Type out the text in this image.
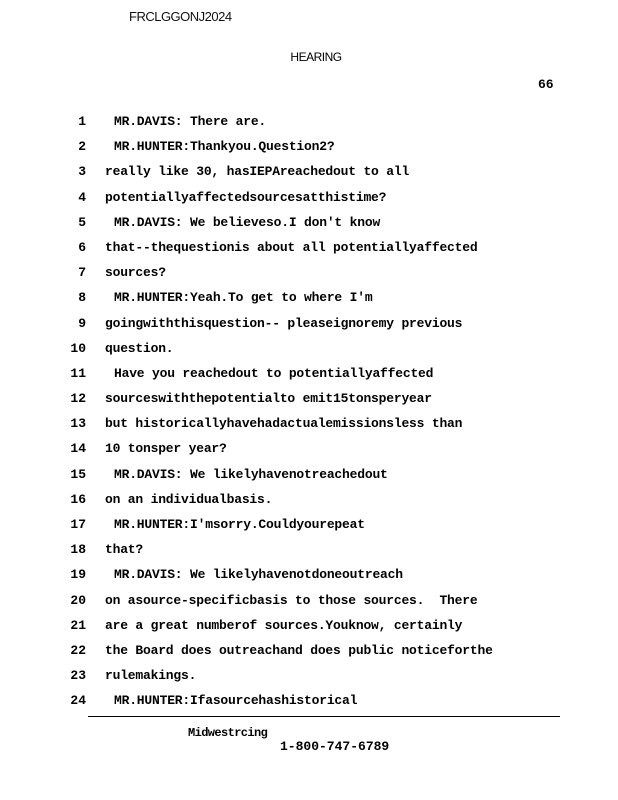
FRCLGGONJ2024
HEARING
66
1 MR.DAVIS: There are.
2 MR.HUNTER:Thankyou.Question2?
3 really like 30, hasIEPAreachedout to all
4 potentiallyaffectedsourcesatthistime?
5 MR.DAVIS: We believeso.I don't know
6 that--thequestionis about all potentiallyaffected
7 sources?
8 MR.HUNTER:Yeah.To get to where I'm
9 goingwiththisquestion-- pleaseignoremy previous
10 question.
11 Have you reachedout to potentiallyaffected
12 sourceswiththepotentialto emit15tonsperyear
13 but historicallyhavehadactualemissionsless than
14 10 tonsper year?
15 MR.DAVIS: We likelyhavenotreachedout
16 on an individualbasis.
17 MR.HUNTER:I'msorry.Couldyourepeat
18 that?
19 MR.DAVIS: We likelyhavenotdoneoutreach
20 on asource-specificbasis to those sources.  There
21 are a great numberof sources.Youknow, certainly
22 the Board does outreachand does public noticeforthe
23 rulemakings.
24 MR.HUNTER:Ifasourcehashistorical
Midwestrcing
1-800-747-6789
